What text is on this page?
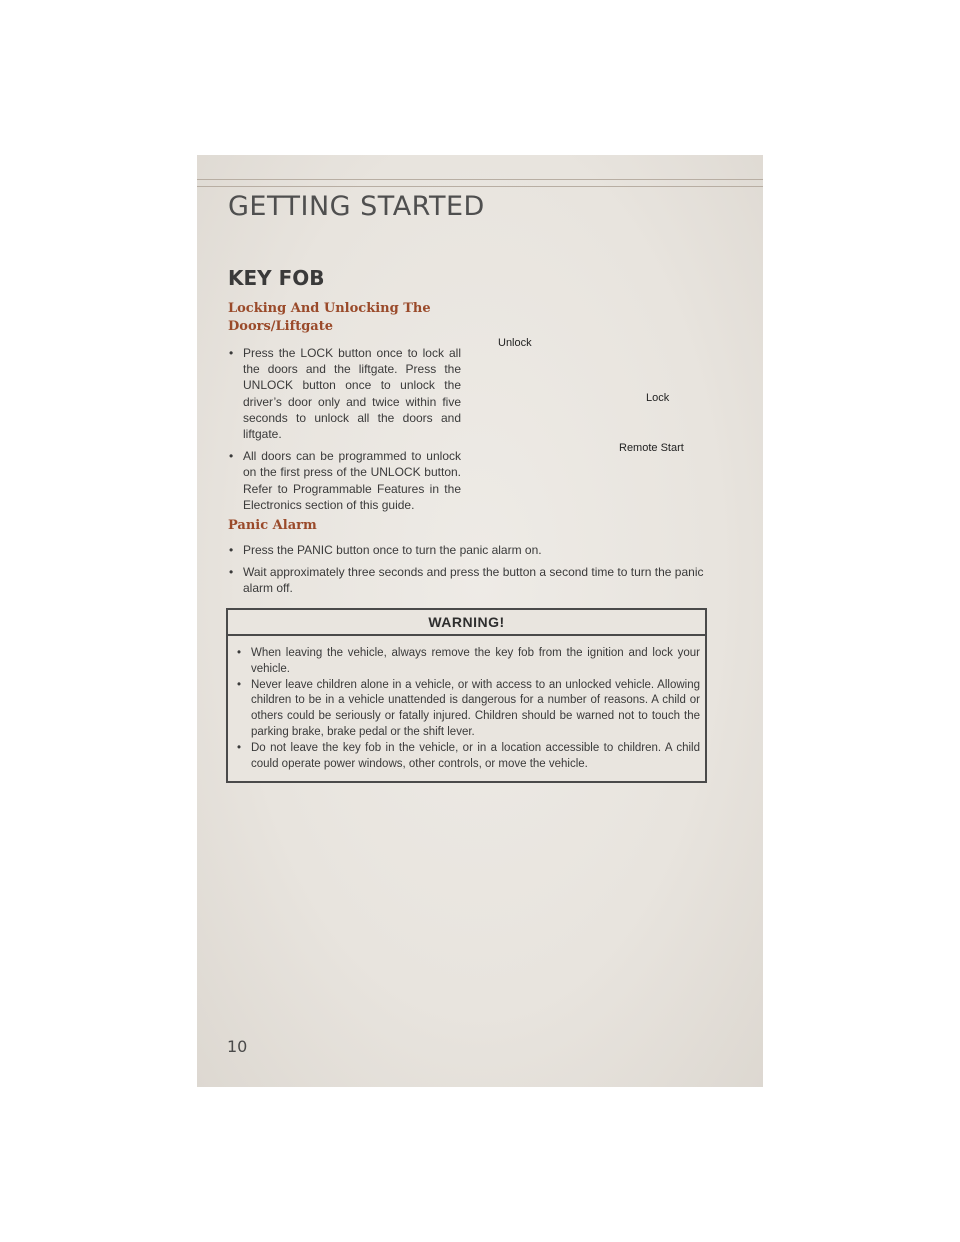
GETTING STARTED
KEY FOB
Locking And Unlocking The Doors/Liftgate
• Press the LOCK button once to lock all the doors and the liftgate. Press the UNLOCK button once to unlock the driver’s door only and twice within five seconds to unlock all the doors and liftgate.
• All doors can be programmed to unlock on the first press of the UNLOCK button. Refer to Programmable Features in the Electronics section of this guide.
Unlock
Lock
Remote Start
Panic Alarm
• Press the PANIC button once to turn the panic alarm on.
• Wait approximately three seconds and press the button a second time to turn the panic alarm off.
WARNING!
• When leaving the vehicle, always remove the key fob from the ignition and lock your vehicle.
• Never leave children alone in a vehicle, or with access to an unlocked vehicle. Allowing children to be in a vehicle unattended is dangerous for a number of reasons. A child or others could be seriously or fatally injured. Children should be warned not to touch the parking brake, brake pedal or the shift lever.
• Do not leave the key fob in the vehicle, or in a location accessible to children. A child could operate power windows, other controls, or move the vehicle.
10
